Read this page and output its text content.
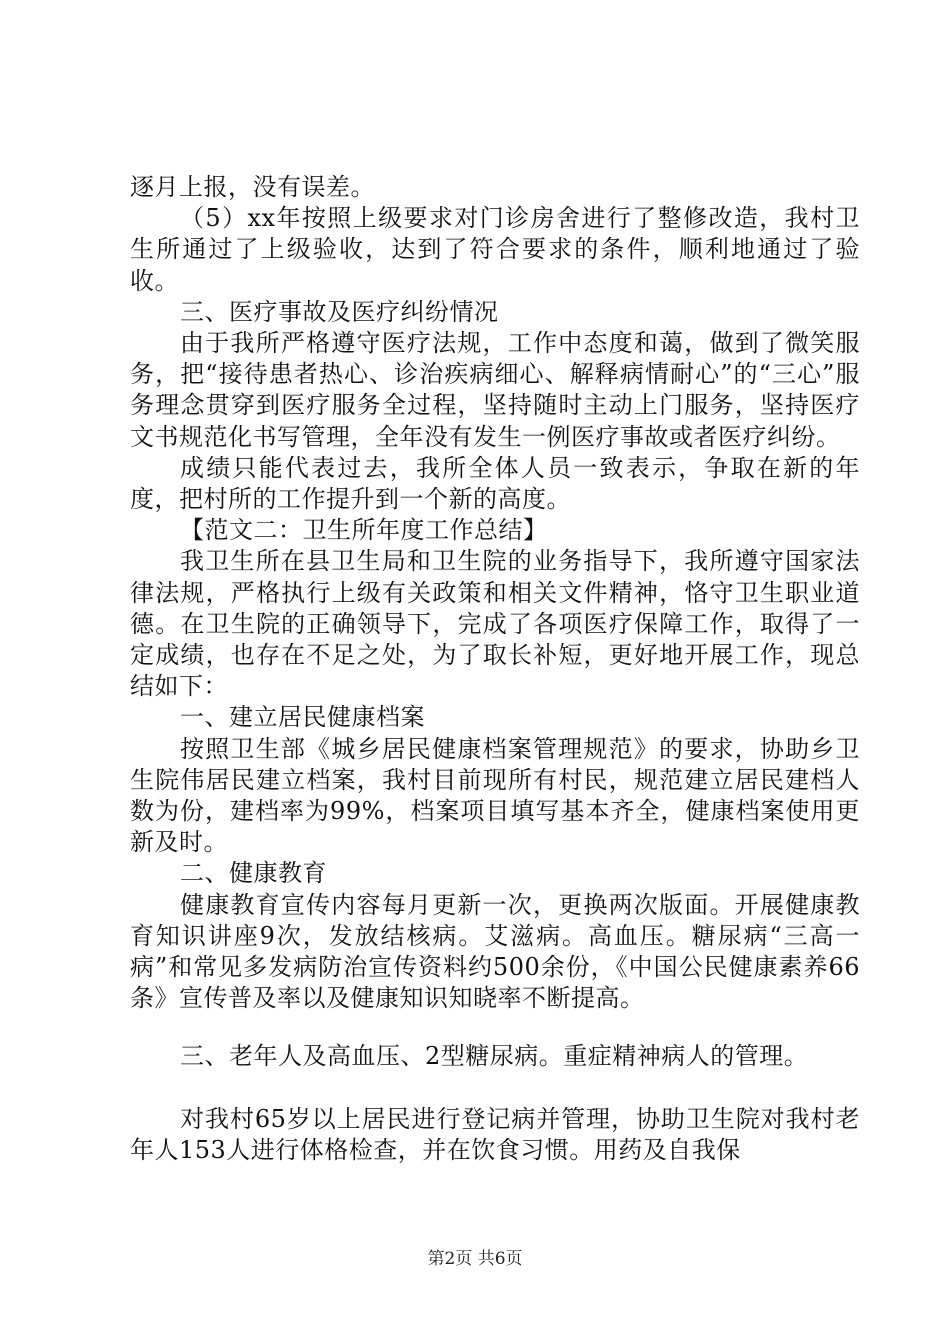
逐月上报，没有误差。

（5）xx年按照上级要求对门诊房舍进行了整修改造，我村卫生所通过了上级验收，达到了符合要求的条件，顺利地通过了验收。

三、医疗事故及医疗纠纷情况

由于我所严格遵守医疗法规，工作中态度和蔼，做到了微笑服务，把“接待患者热心、诊治疾病细心、解释病情耐心”的“三心”服务理念贯穿到医疗服务全过程，坚持随时主动上门服务，坚持医疗文书规范化书写管理，全年没有发生一例医疗事故或者医疗纠纷。

成绩只能代表过去，我所全体人员一致表示，争取在新的年度，把村所的工作提升到一个新的高度。

【范文二：卫生所年度工作总结】

我卫生所在县卫生局和卫生院的业务指导下，我所遵守国家法律法规，严格执行上级有关政策和相关文件精神，恪守卫生职业道德。在卫生院的正确领导下，完成了各项医疗保障工作，取得了一定成绩，也存在不足之处，为了取长补短，更好地开展工作，现总结如下：

一、建立居民健康档案

按照卫生部《城乡居民健康档案管理规范》的要求，协助乡卫生院伟居民建立档案，我村目前现所有村民，规范建立居民建档人数为份，建档率为99%，档案项目填写基本齐全，健康档案使用更新及时。

二、健康教育

健康教育宣传内容每月更新一次，更换两次版面。开展健康教育知识讲座9次，发放结核病。艾滋病。高血压。糖尿病“三高一病”和常见多发病防治宣传资料约500余份，《中国公民健康素养66条》宣传普及率以及健康知识知晓率不断提高。

三、老年人及高血压、2型糖尿病。重症精神病人的管理。

对我村65岁以上居民进行登记病并管理，协助卫生院对我村老年人153人进行体格检查，并在饮食习惯。用药及自我保

第2页 共6页
